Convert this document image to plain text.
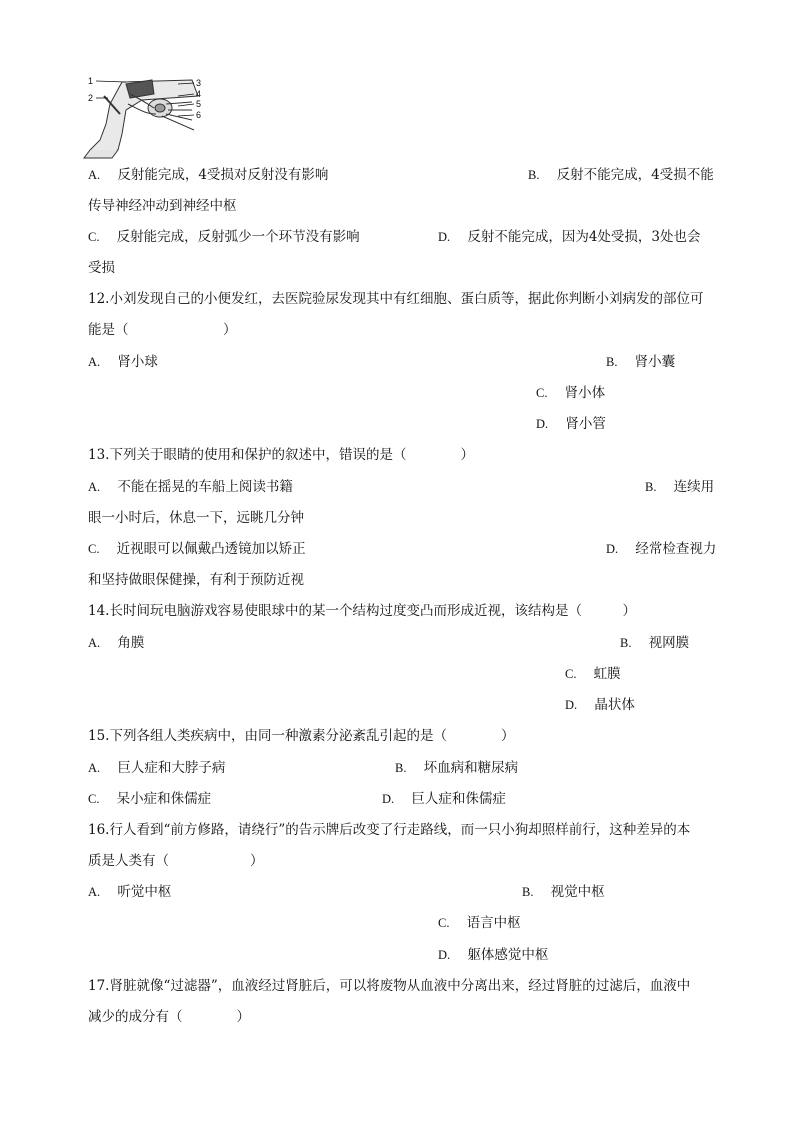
1
2
3
4
5
6
A. 反射能完成，4受损对反射没有影响	B. 反射不能完成，4受损不能
传导神经冲动到神经中枢
C. 反射能完成，反射弧少一个环节没有影响	D. 反射不能完成，因为4处受损，3处也会
受损
12.小刘发现自己的小便发红，去医院验尿发现其中有红细胞、蛋白质等，据此你判断小刘病发的部位可
能是（　　　　　　　）
A. 肾小球	B. 肾小囊
C. 肾小体
D. 肾小管
13.下列关于眼睛的使用和保护的叙述中，错误的是（　　　　）
A. 不能在摇晃的车船上阅读书籍	B. 连续用
眼一小时后，休息一下，远眺几分钟
C. 近视眼可以佩戴凸透镜加以矫正	D. 经常检查视力
和坚持做眼保健操，有利于预防近视
14.长时间玩电脑游戏容易使眼球中的某一个结构过度变凸而形成近视，该结构是（　　　）
A. 角膜	B. 视网膜
C. 虹膜
D. 晶状体
15.下列各组人类疾病中，由同一种激素分泌紊乱引起的是（　　　　）
A. 巨人症和大脖子病	B. 坏血病和糖尿病
C. 呆小症和侏儒症	D. 巨人症和侏儒症
16.行人看到“前方修路，请绕行”的告示牌后改变了行走路线，而一只小狗却照样前行，这种差异的本
质是人类有（　　　　　　）
A. 听觉中枢	B. 视觉中枢
C. 语言中枢
D. 躯体感觉中枢
17.肾脏就像“过滤器”，血液经过肾脏后，可以将废物从血液中分离出来，经过肾脏的过滤后，血液中
减少的成分有（　　　　）
